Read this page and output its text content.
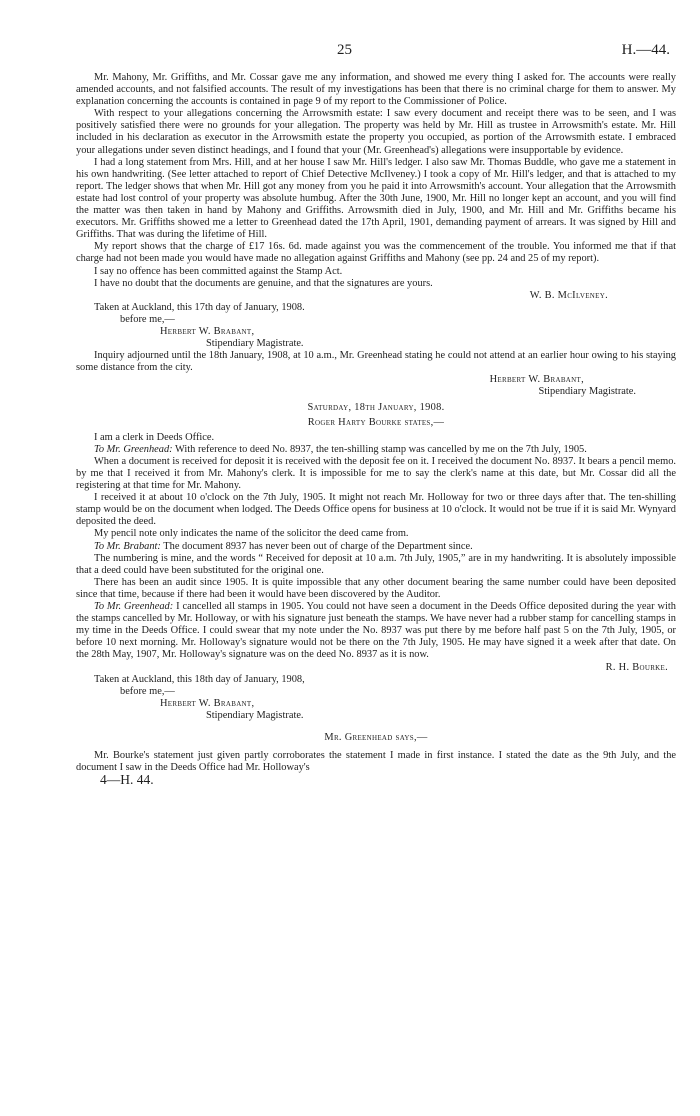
25	H.—44.

Mr. Mahony, Mr. Griffiths, and Mr. Cossar gave me any information, and showed me every thing I asked for. The accounts were really amended accounts, and not falsified accounts. The result of my investigations has been that there is no criminal charge for them to answer. My explanation concerning the accounts is contained in page 9 of my report to the Commissioner of Police.

With respect to your allegations concerning the Arrowsmith estate: I saw every document and receipt there was to be seen, and I was positively satisfied there were no grounds for your allegation. The property was held by Mr. Hill as trustee in Arrowsmith's estate. Mr. Hill included in his declaration as executor in the Arrowsmith estate the property you occupied, as portion of the Arrowsmith estate. I embraced your allegations under seven distinct headings, and I found that your (Mr. Greenhead's) allegations were insupportable by evidence.

I had a long statement from Mrs. Hill, and at her house I saw Mr. Hill's ledger. I also saw Mr. Thomas Buddle, who gave me a statement in his own handwriting. (See letter attached to report of Chief Detective McIlveney.) I took a copy of Mr. Hill's ledger, and that is attached to my report. The ledger shows that when Mr. Hill got any money from you he paid it into Arrowsmith's account. Your allegation that the Arrowsmith estate had lost control of your property was absolute humbug. After the 30th June, 1900, Mr. Hill no longer kept an account, and you will find the matter was then taken in hand by Mahony and Griffiths. Arrowsmith died in July, 1900, and Mr. Hill and Mr. Griffiths became his executors. Mr. Griffiths showed me a letter to Greenhead dated the 17th April, 1901, demanding payment of arrears. It was signed by Hill and Griffiths. That was during the lifetime of Hill.

My report shows that the charge of £17 16s. 6d. made against you was the commencement of the trouble. You informed me that if that charge had not been made you would have made no allegation against Griffiths and Mahony (see pp. 24 and 25 of my report).

I say no offence has been committed against the Stamp Act.

I have no doubt that the documents are genuine, and that the signatures are yours.

W. B. McIlveney.

Taken at Auckland, this 17th day of January, 1908.

before me,—

Herbert W. Brabant,

Stipendiary Magistrate.

Inquiry adjourned until the 18th January, 1908, at 10 a.m., Mr. Greenhead stating he could not attend at an earlier hour owing to his staying some distance from the city.

Herbert W. Brabant,

Stipendiary Magistrate.

Saturday, 18th January, 1908.

Roger Harty Bourke states,—

I am a clerk in Deeds Office.

To Mr. Greenhead: With reference to deed No. 8937, the ten-shilling stamp was cancelled by me on the 7th July, 1905.

When a document is received for deposit it is received with the deposit fee on it. I received the document No. 8937. It bears a pencil memo. by me that I received it from Mr. Mahony's clerk. It is impossible for me to say the clerk's name at this date, but Mr. Cossar did all the registering at that time for Mr. Mahony.

I received it at about 10 o'clock on the 7th July, 1905. It might not reach Mr. Holloway for two or three days after that. The ten-shilling stamp would be on the document when lodged. The Deeds Office opens for business at 10 o'clock. It would not be true if it is said Mr. Wynyard deposited the deed.

My pencil note only indicates the name of the solicitor the deed came from.

To Mr. Brabant: The document 8937 has never been out of charge of the Department since.

The numbering is mine, and the words “ Received for deposit at 10 a.m. 7th July, 1905,” are in my handwriting. It is absolutely impossible that a deed could have been substituted for the original one.

There has been an audit since 1905. It is quite impossible that any other document bearing the same number could have been deposited since that time, because if there had been it would have been discovered by the Auditor.

To Mr. Greenhead: I cancelled all stamps in 1905. You could not have seen a document in the Deeds Office deposited during the year with the stamps cancelled by Mr. Holloway, or with his signature just beneath the stamps. We have never had a rubber stamp for cancelling stamps in my time in the Deeds Office. I could swear that my note under the No. 8937 was put there by me before half past 5 on the 7th July, 1905, or before 10 next morning. Mr. Holloway's signature would not be there on the 7th July, 1905. He may have signed it a week after that date. On the 28th May, 1907, Mr. Holloway's signature was on the deed No. 8937 as it is now.

R. H. Bourke.

Taken at Auckland, this 18th day of January, 1908,

before me,—

Herbert W. Brabant,

Stipendiary Magistrate.

Mr. Greenhead says,—

Mr. Bourke's statement just given partly corroborates the statement I made in first instance. I stated the date as the 9th July, and the document I saw in the Deeds Office had Mr. Holloway's

4—H. 44.
